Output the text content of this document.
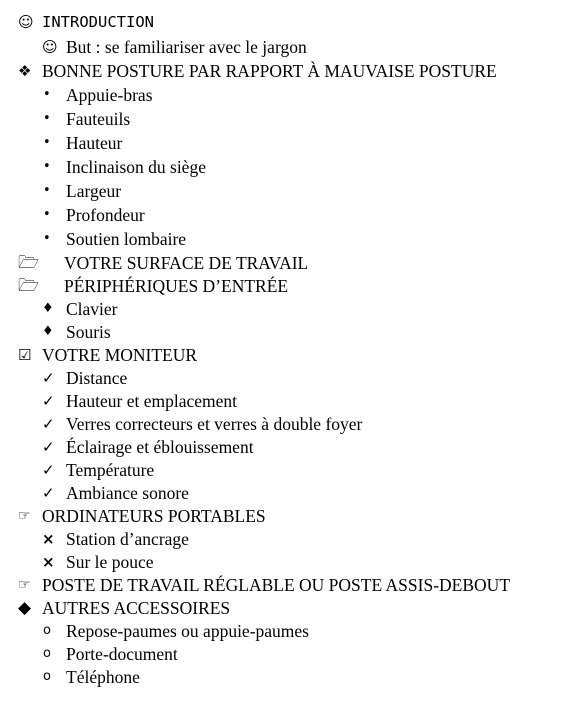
☺ INTRODUCTION
☺ But : se familiariser avec le jargon
❖ BONNE POSTURE PAR RAPPORT À MAUVAISE POSTURE
• Appuie-bras
• Fauteuils
• Hauteur
• Inclinaison du siège
• Largeur
• Profondeur
• Soutien lombaire
🗁 VOTRE SURFACE DE TRAVAIL
🗁 PÉRIPHÉRIQUES D’ENTRÉE
♦ Clavier
♦ Souris
☑ VOTRE MONITEUR
✓ Distance
✓ Hauteur et emplacement
✓ Verres correcteurs et verres à double foyer
✓ Éclairage et éblouissement
✓ Température
✓ Ambiance sonore
☞ ORDINATEURS PORTABLES
× Station d’ancrage
× Sur le pouce
☞ POSTE DE TRAVAIL RÉGLABLE OU POSTE ASSIS-DEBOUT
◆ AUTRES ACCESSOIRES
o Repose-paumes ou appuie-paumes
o Porte-document
o Téléphone
